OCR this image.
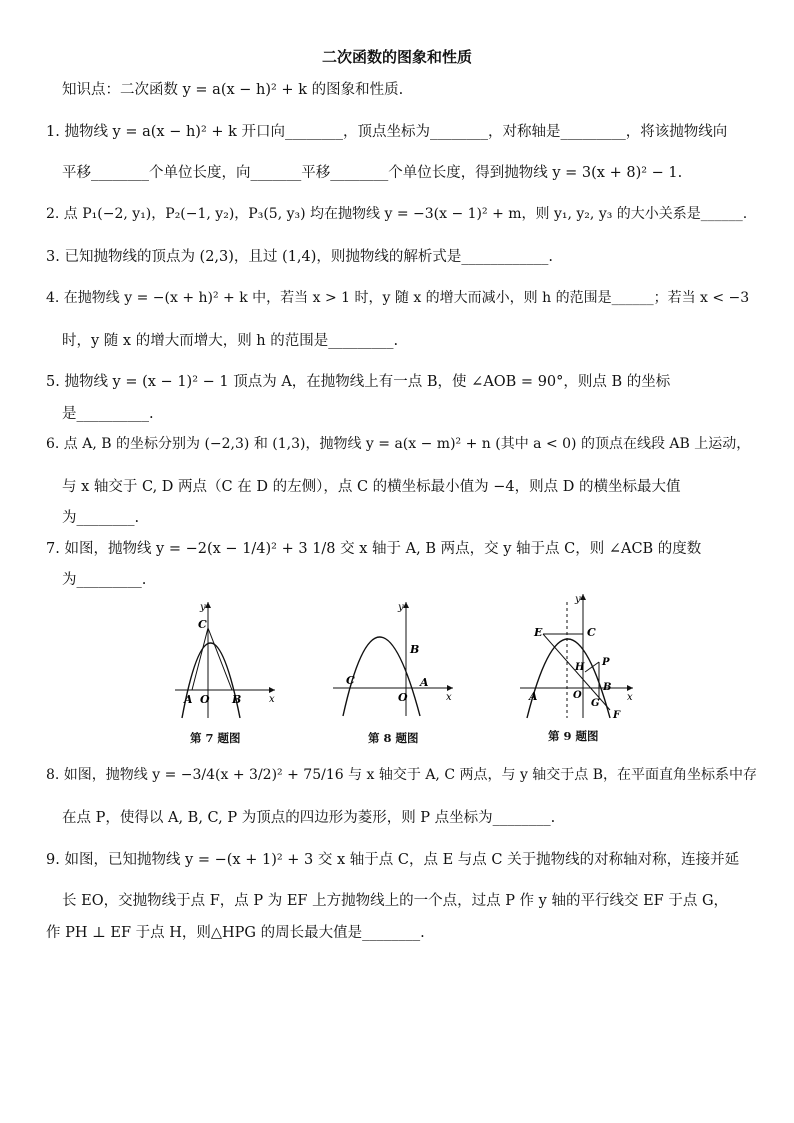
二次函数的图象和性质
知识点：二次函数 y = a(x − h)² + k 的图象和性质.
1. 抛物线 y = a(x − h)² + k 开口向________，顶点坐标为________，对称轴是_________，将该抛物线向
平移________个单位长度，向_______平移________个单位长度，得到抛物线 y = 3(x + 8)² − 1.
2. 点 P₁(−2, y₁)，P₂(−1, y₂)，P₃(5, y₃) 均在抛物线 y = −3(x − 1)² + m，则 y₁, y₂, y₃ 的大小关系是______.
3. 已知抛物线的顶点为 (2,3)，且过 (1,4)，则抛物线的解析式是____________.
4. 在抛物线 y = −(x + h)² + k 中，若当 x > 1 时，y 随 x 的增大而减小，则 h 的范围是______；若当 x < −3
时，y 随 x 的增大而增大，则 h 的范围是_________.
5. 抛物线 y = (x − 1)² − 1 顶点为 A，在抛物线上有一点 B，使 ∠AOB = 90°，则点 B 的坐标
是__________.
6. 点 A, B 的坐标分别为 (−2,3) 和 (1,3)，抛物线 y = a(x − m)² + n (其中 a < 0) 的顶点在线段 AB 上运动，
与 x 轴交于 C, D 两点（C 在 D 的左侧），点 C 的横坐标最小值为 −4，则点 D 的横坐标最大值
为________.
7. 如图，抛物线 y = −2(x − 1/4)² + 3 1/8 交 x 轴于 A, B 两点，交 y 轴于点 C，则 ∠ACB 的度数
为_________.
y
C
A O B	x
第 7 题图
y
B
C
O
A
x
第 8 题图
y
E	C
H P
B
O
G
F
A	x
第 9 题图
8. 如图，抛物线 y = −3/4(x + 3/2)² + 75/16 与 x 轴交于 A, C 两点，与 y 轴交于点 B，在平面直角坐标系中存
在点 P，使得以 A, B, C, P 为顶点的四边形为菱形，则 P 点坐标为________.
9. 如图，已知抛物线 y = −(x + 1)² + 3 交 x 轴于点 C，点 E 与点 C 关于抛物线的对称轴对称，连接并延
长 EO，交抛物线于点 F，点 P 为 EF 上方抛物线上的一个点，过点 P 作 y 轴的平行线交 EF 于点 G，
作 PH ⊥ EF 于点 H，则△HPG 的周长最大值是________.
